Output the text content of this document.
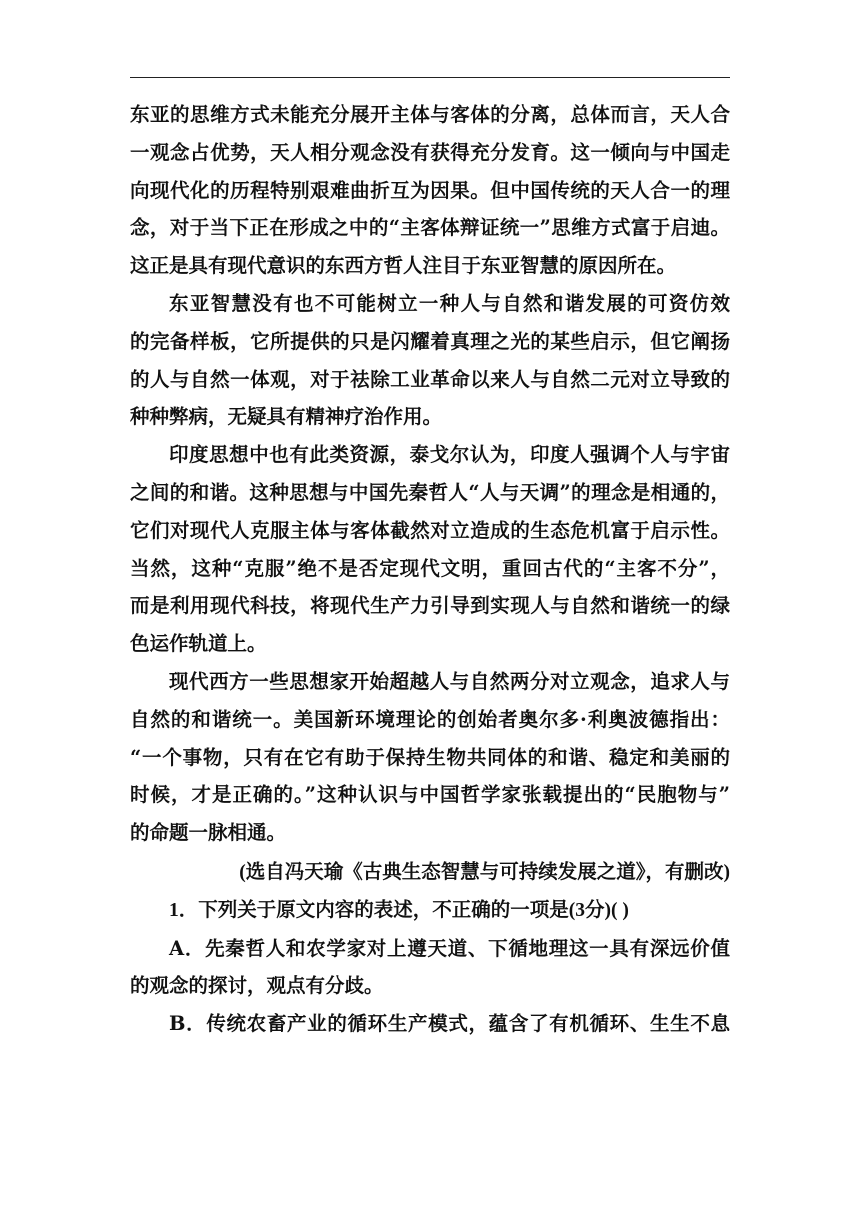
东亚的思维方式未能充分展开主体与客体的分离，总体而言，天人合
一观念占优势，天人相分观念没有获得充分发育。这一倾向与中国走
向现代化的历程特别艰难曲折互为因果。但中国传统的天人合一的理
念，对于当下正在形成之中的“主客体辩证统一”思维方式富于启迪。
这正是具有现代意识的东西方哲人注目于东亚智慧的原因所在。
东亚智慧没有也不可能树立一种人与自然和谐发展的可资仿效
的完备样板，它所提供的只是闪耀着真理之光的某些启示，但它阐扬
的人与自然一体观，对于祛除工业革命以来人与自然二元对立导致的
种种弊病，无疑具有精神疗治作用。
印度思想中也有此类资源，泰戈尔认为，印度人强调个人与宇宙
之间的和谐。这种思想与中国先秦哲人“人与天调”的理念是相通的，
它们对现代人克服主体与客体截然对立造成的生态危机富于启示性。
当然，这种“克服”绝不是否定现代文明，重回古代的“主客不分”，
而是利用现代科技，将现代生产力引导到实现人与自然和谐统一的绿
色运作轨道上。
现代西方一些思想家开始超越人与自然两分对立观念，追求人与
自然的和谐统一。美国新环境理论的创始者奥尔多·利奥波德指出：
“一个事物，只有在它有助于保持生物共同体的和谐、稳定和美丽的
时候，才是正确的。”这种认识与中国哲学家张载提出的“民胞物与”
的命题一脉相通。
(选自冯天瑜《古典生态智慧与可持续发展之道》，有删改)
1．下列关于原文内容的表述，不正确的一项是(3分)( )
A．先秦哲人和农学家对上遵天道、下循地理这一具有深远价值
的观念的探讨，观点有分歧。
B．传统农畜产业的循环生产模式，蕴含了有机循环、生生不息
